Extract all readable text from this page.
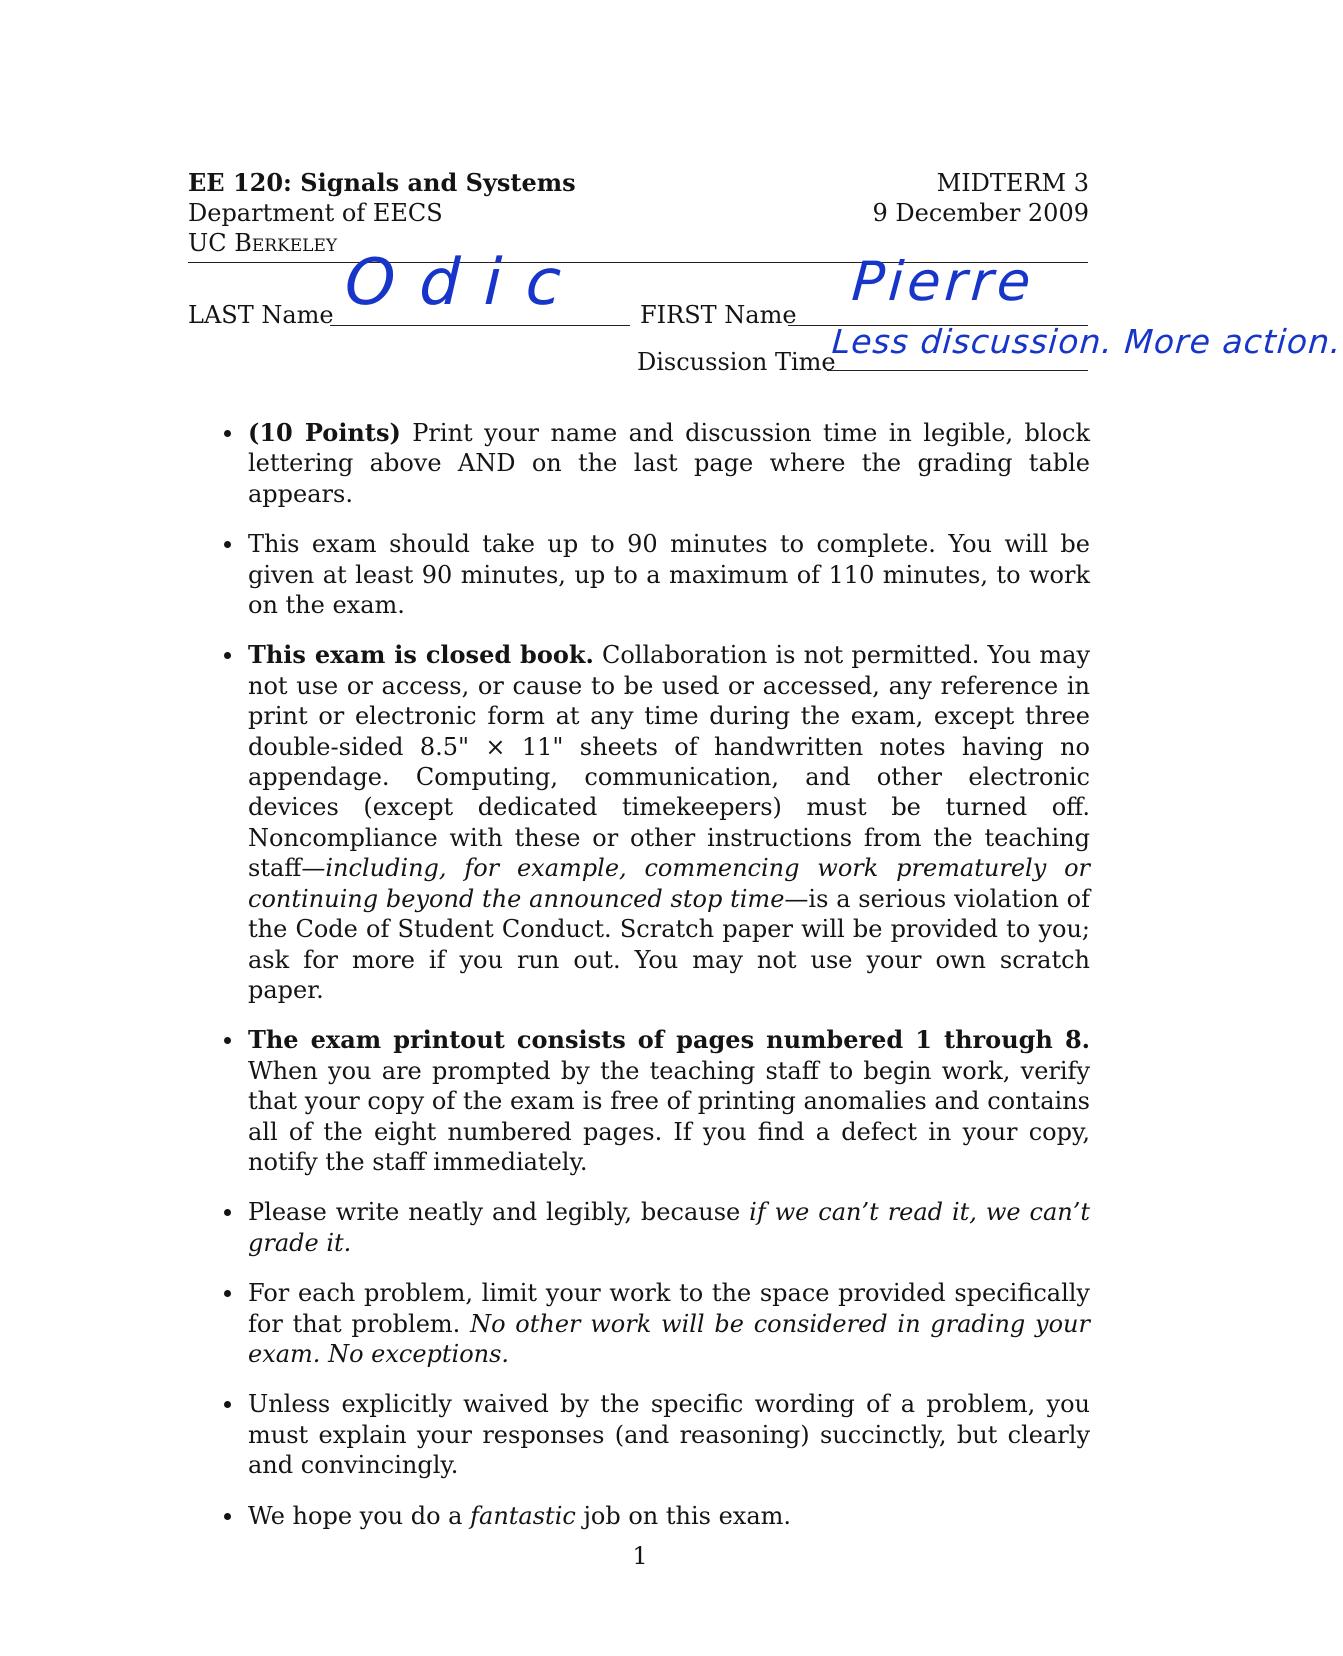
EE 120: Signals and Systems
Department of EECS
UC Berkeley
MIDTERM 3
9 December 2009
LAST Name	FIRST Name
Discussion Time
Odic	Pierre
Less discussion. More action.
(10 Points) Print your name and discussion time in legible, block lettering above AND on the last page where the grading table appears.
This exam should take up to 90 minutes to complete. You will be given at least 90 minutes, up to a maximum of 110 minutes, to work on the exam.
This exam is closed book. Collaboration is not permitted. You may not use or access, or cause to be used or accessed, any reference in print or electronic form at any time during the exam, except three double-sided 8.5" × 11" sheets of handwritten notes having no appendage. Computing, communication, and other electronic devices (except dedicated timekeepers) must be turned off. Noncompliance with these or other instructions from the teaching staff—including, for example, commencing work prematurely or continuing beyond the announced stop time—is a serious violation of the Code of Student Conduct. Scratch paper will be provided to you; ask for more if you run out. You may not use your own scratch paper.
The exam printout consists of pages numbered 1 through 8. When you are prompted by the teaching staff to begin work, verify that your copy of the exam is free of printing anomalies and contains all of the eight numbered pages. If you find a defect in your copy, notify the staff immediately.
Please write neatly and legibly, because if we can’t read it, we can’t grade it.
For each problem, limit your work to the space provided specifically for that problem. No other work will be considered in grading your exam. No exceptions.
Unless explicitly waived by the specific wording of a problem, you must explain your responses (and reasoning) succinctly, but clearly and convincingly.
We hope you do a fantastic job on this exam.
1
